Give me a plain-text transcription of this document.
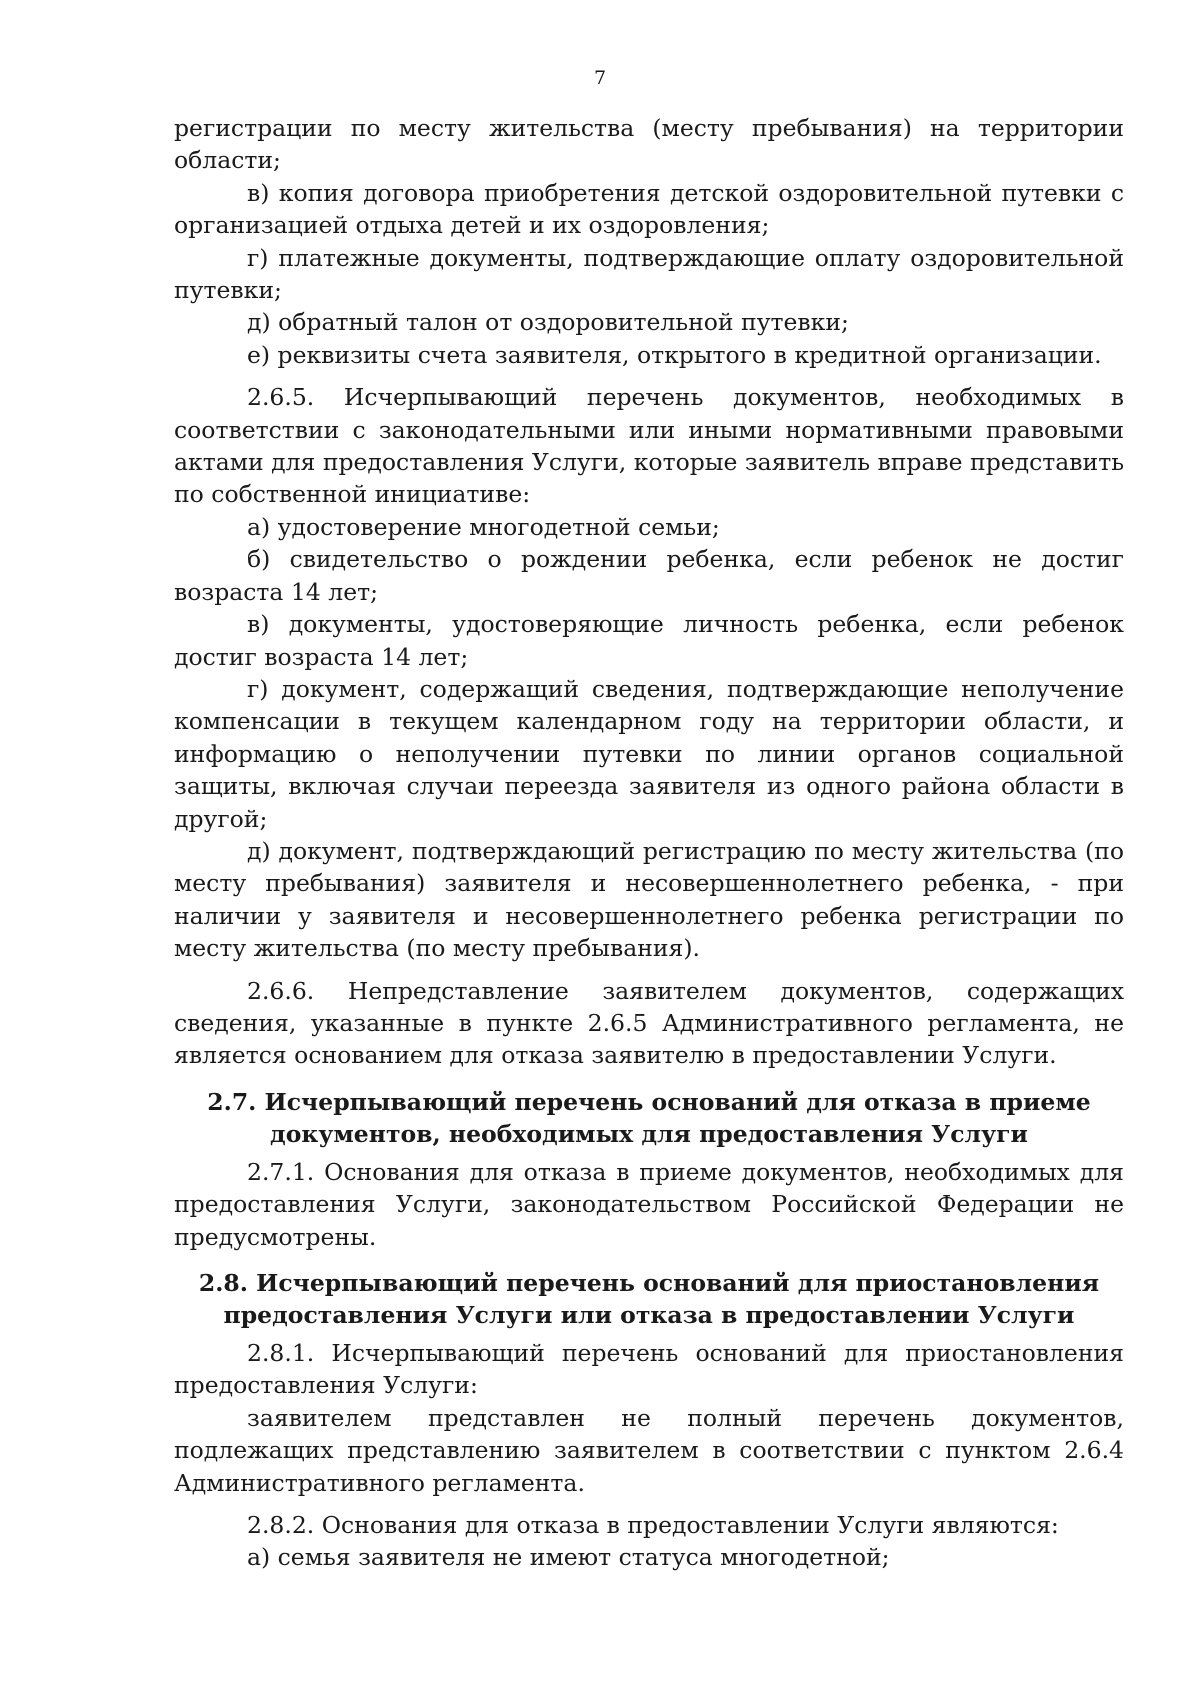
7

регистрации по месту жительства (месту пребывания) на территории области;

в) копия договора приобретения детской оздоровительной путевки с организацией отдыха детей и их оздоровления;

г) платежные документы, подтверждающие оплату оздоровительной путевки;

д) обратный талон от оздоровительной путевки;

е) реквизиты счета заявителя, открытого в кредитной организации.

2.6.5. Исчерпывающий перечень документов, необходимых в соответствии с законодательными или иными нормативными правовыми актами для предоставления Услуги, которые заявитель вправе представить по собственной инициативе:

а) удостоверение многодетной семьи;

б) свидетельство о рождении ребенка, если ребенок не достиг возраста 14 лет;

в) документы, удостоверяющие личность ребенка, если ребенок достиг возраста 14 лет;

г) документ, содержащий сведения, подтверждающие неполучение компенсации в текущем календарном году на территории области, и информацию о неполучении путевки по линии органов социальной защиты, включая случаи переезда заявителя из одного района области в другой;

д) документ, подтверждающий регистрацию по месту жительства (по месту пребывания) заявителя и несовершеннолетнего ребенка, - при наличии у заявителя и несовершеннолетнего ребенка регистрации по месту жительства (по месту пребывания).

2.6.6. Непредставление заявителем документов, содержащих сведения, указанные в пункте 2.6.5 Административного регламента, не является основанием для отказа заявителю в предоставлении Услуги.

2.7. Исчерпывающий перечень оснований для отказа в приеме
документов, необходимых для предоставления Услуги

2.7.1. Основания для отказа в приеме документов, необходимых для предоставления Услуги, законодательством Российской Федерации не предусмотрены.

2.8. Исчерпывающий перечень оснований для приостановления
предоставления Услуги или отказа в предоставлении Услуги

2.8.1. Исчерпывающий перечень оснований для приостановления предоставления Услуги:

заявителем представлен не полный перечень документов, подлежащих представлению заявителем в соответствии с пунктом 2.6.4 Административного регламента.

2.8.2. Основания для отказа в предоставлении Услуги являются:

а) семья заявителя не имеют статуса многодетной;
